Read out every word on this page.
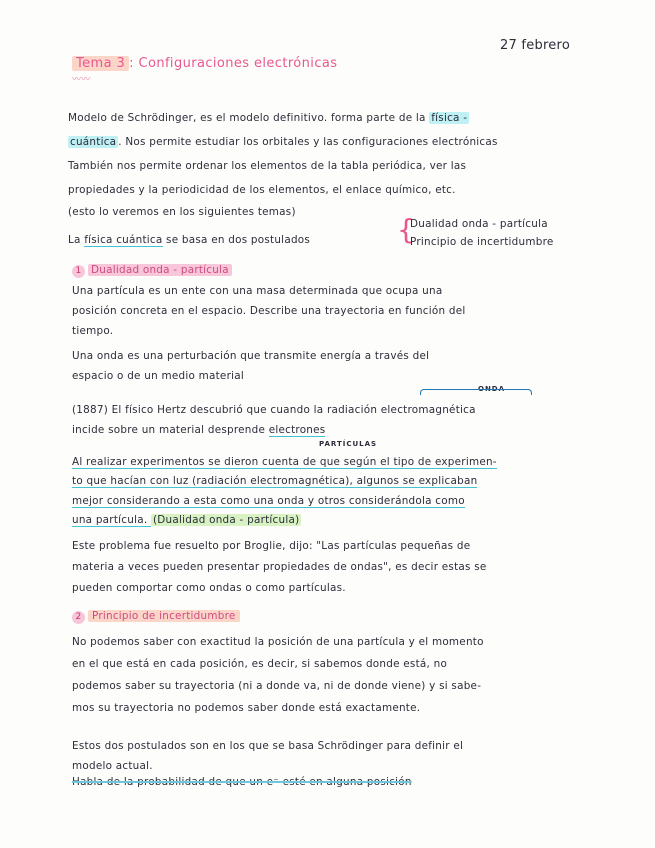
27 febrero
Tema 3 : Configuraciones electrónicas
〰〰
Modelo de Schrödinger, es el modelo definitivo. forma parte de la física -
cuántica . Nos permite estudiar los orbitales y las configuraciones electrónicas
También nos permite ordenar los elementos de la tabla periódica, ver las
propiedades y la periodicidad de los elementos, el enlace químico, etc.
(esto lo veremos en los siguientes temas)
La física cuántica se basa en dos postulados	{
Dualidad onda - partícula
Principio de incertidumbre
1 Dualidad onda - partícula
Una partícula es un ente con una masa determinada que ocupa una
posición concreta en el espacio. Describe una trayectoria en función del
tiempo.
Una onda es una perturbación que transmite energía a través del
espacio o de un medio material
ONDA
(1887) El físico Hertz descubrió que cuando la radiación electromagnética
incide sobre un material desprende electrones
PARTÍCULAS
Al realizar experimentos se dieron cuenta de que según el tipo de experimen-
to que hacían con luz (radiación electromagnética), algunos se explicaban
mejor considerando a esta como una onda y otros considerándola como
una partícula. (Dualidad onda - partícula)
Este problema fue resuelto por Broglie, dijo: "Las partículas pequeñas de
materia a veces pueden presentar propiedades de ondas", es decir estas se
pueden comportar como ondas o como partículas.
2 Principio de incertidumbre
No podemos saber con exactitud la posición de una partícula y el momento
en el que está en cada posición, es decir, si sabemos donde está, no
podemos saber su trayectoria (ni a donde va, ni de donde viene) y si sabe-
mos su trayectoria no podemos saber donde está exactamente.
Estos dos postulados son en los que se basa Schrödinger para definir el
modelo actual.
Habla de la probabilidad de que un e⁻ esté en alguna posición
